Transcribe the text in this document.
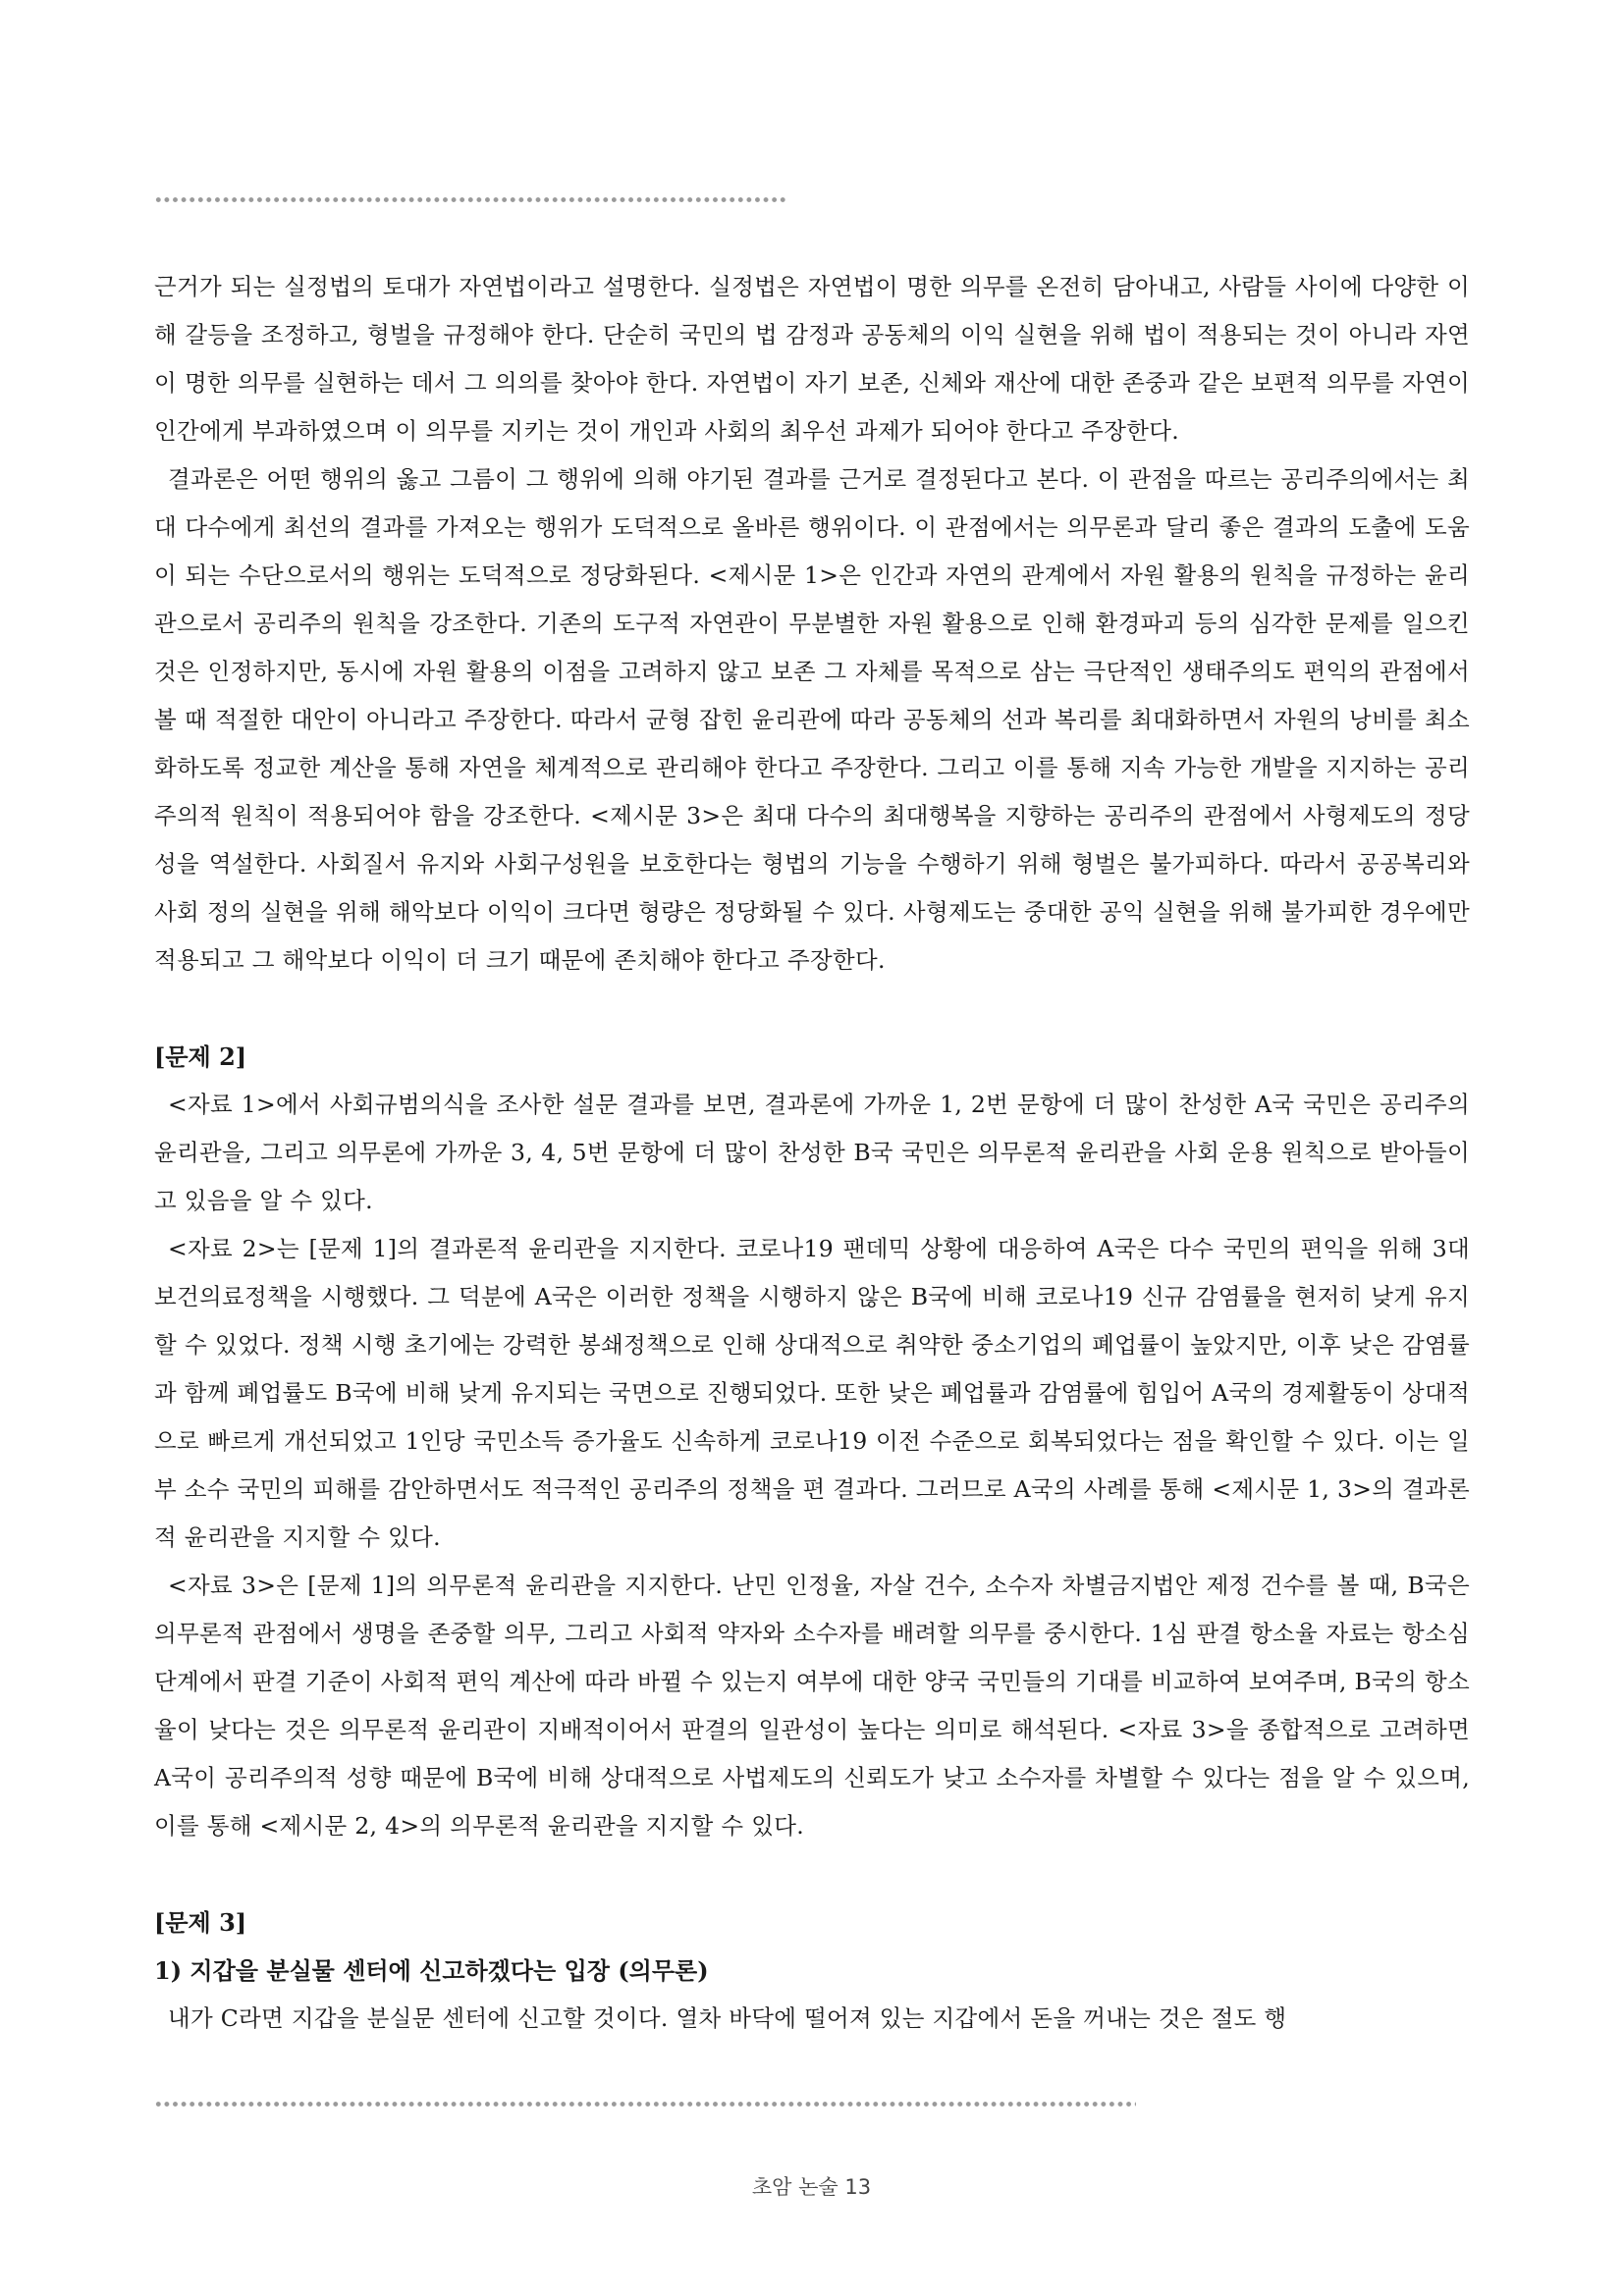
근거가 되는 실정법의 토대가 자연법이라고 설명한다. 실정법은 자연법이 명한 의무를 온전히 담아내고, 사람들 사이에 다양한 이해 갈등을 조정하고, 형벌을 규정해야 한다. 단순히 국민의 법 감정과 공동체의 이익 실현을 위해 법이 적용되는 것이 아니라 자연이 명한 의무를 실현하는 데서 그 의의를 찾아야 한다. 자연법이 자기 보존, 신체와 재산에 대한 존중과 같은 보편적 의무를 자연이 인간에게 부과하였으며 이 의무를 지키는 것이 개인과 사회의 최우선 과제가 되어야 한다고 주장한다.

결과론은 어떤 행위의 옳고 그름이 그 행위에 의해 야기된 결과를 근거로 결정된다고 본다. 이 관점을 따르는 공리주의에서는 최대 다수에게 최선의 결과를 가져오는 행위가 도덕적으로 올바른 행위이다. 이 관점에서는 의무론과 달리 좋은 결과의 도출에 도움이 되는 수단으로서의 행위는 도덕적으로 정당화된다. <제시문 1>은 인간과 자연의 관계에서 자원 활용의 원칙을 규정하는 윤리관으로서 공리주의 원칙을 강조한다. 기존의 도구적 자연관이 무분별한 자원 활용으로 인해 환경파괴 등의 심각한 문제를 일으킨 것은 인정하지만, 동시에 자원 활용의 이점을 고려하지 않고 보존 그 자체를 목적으로 삼는 극단적인 생태주의도 편익의 관점에서 볼 때 적절한 대안이 아니라고 주장한다. 따라서 균형 잡힌 윤리관에 따라 공동체의 선과 복리를 최대화하면서 자원의 낭비를 최소화하도록 정교한 계산을 통해 자연을 체계적으로 관리해야 한다고 주장한다. 그리고 이를 통해 지속 가능한 개발을 지지하는 공리주의적 원칙이 적용되어야 함을 강조한다. <제시문 3>은 최대 다수의 최대행복을 지향하는 공리주의 관점에서 사형제도의 정당성을 역설한다. 사회질서 유지와 사회구성원을 보호한다는 형법의 기능을 수행하기 위해 형벌은 불가피하다. 따라서 공공복리와 사회 정의 실현을 위해 해악보다 이익이 크다면 형량은 정당화될 수 있다. 사형제도는 중대한 공익 실현을 위해 불가피한 경우에만 적용되고 그 해악보다 이익이 더 크기 때문에 존치해야 한다고 주장한다.

[문제 2]

<자료 1>에서 사회규범의식을 조사한 설문 결과를 보면, 결과론에 가까운 1, 2번 문항에 더 많이 찬성한 A국 국민은 공리주의 윤리관을, 그리고 의무론에 가까운 3, 4, 5번 문항에 더 많이 찬성한 B국 국민은 의무론적 윤리관을 사회 운용 원칙으로 받아들이고 있음을 알 수 있다.

<자료 2>는 [문제 1]의 결과론적 윤리관을 지지한다. 코로나19 팬데믹 상황에 대응하여 A국은 다수 국민의 편익을 위해 3대 보건의료정책을 시행했다. 그 덕분에 A국은 이러한 정책을 시행하지 않은 B국에 비해 코로나19 신규 감염률을 현저히 낮게 유지할 수 있었다. 정책 시행 초기에는 강력한 봉쇄정책으로 인해 상대적으로 취약한 중소기업의 폐업률이 높았지만, 이후 낮은 감염률과 함께 폐업률도 B국에 비해 낮게 유지되는 국면으로 진행되었다. 또한 낮은 폐업률과 감염률에 힘입어 A국의 경제활동이 상대적으로 빠르게 개선되었고 1인당 국민소득 증가율도 신속하게 코로나19 이전 수준으로 회복되었다는 점을 확인할 수 있다. 이는 일부 소수 국민의 피해를 감안하면서도 적극적인 공리주의 정책을 편 결과다. 그러므로 A국의 사례를 통해 <제시문 1, 3>의 결과론적 윤리관을 지지할 수 있다.

<자료 3>은 [문제 1]의 의무론적 윤리관을 지지한다. 난민 인정율, 자살 건수, 소수자 차별금지법안 제정 건수를 볼 때, B국은 의무론적 관점에서 생명을 존중할 의무, 그리고 사회적 약자와 소수자를 배려할 의무를 중시한다. 1심 판결 항소율 자료는 항소심 단계에서 판결 기준이 사회적 편익 계산에 따라 바뀔 수 있는지 여부에 대한 양국 국민들의 기대를 비교하여 보여주며, B국의 항소율이 낮다는 것은 의무론적 윤리관이 지배적이어서 판결의 일관성이 높다는 의미로 해석된다. <자료 3>을 종합적으로 고려하면 A국이 공리주의적 성향 때문에 B국에 비해 상대적으로 사법제도의 신뢰도가 낮고 소수자를 차별할 수 있다는 점을 알 수 있으며, 이를 통해 <제시문 2, 4>의 의무론적 윤리관을 지지할 수 있다.

[문제 3]

1) 지갑을 분실물 센터에 신고하겠다는 입장 (의무론)

내가 C라면 지갑을 분실문 센터에 신고할 것이다. 열차 바닥에 떨어져 있는 지갑에서 돈을 꺼내는 것은 절도 행

초암 논술 13
